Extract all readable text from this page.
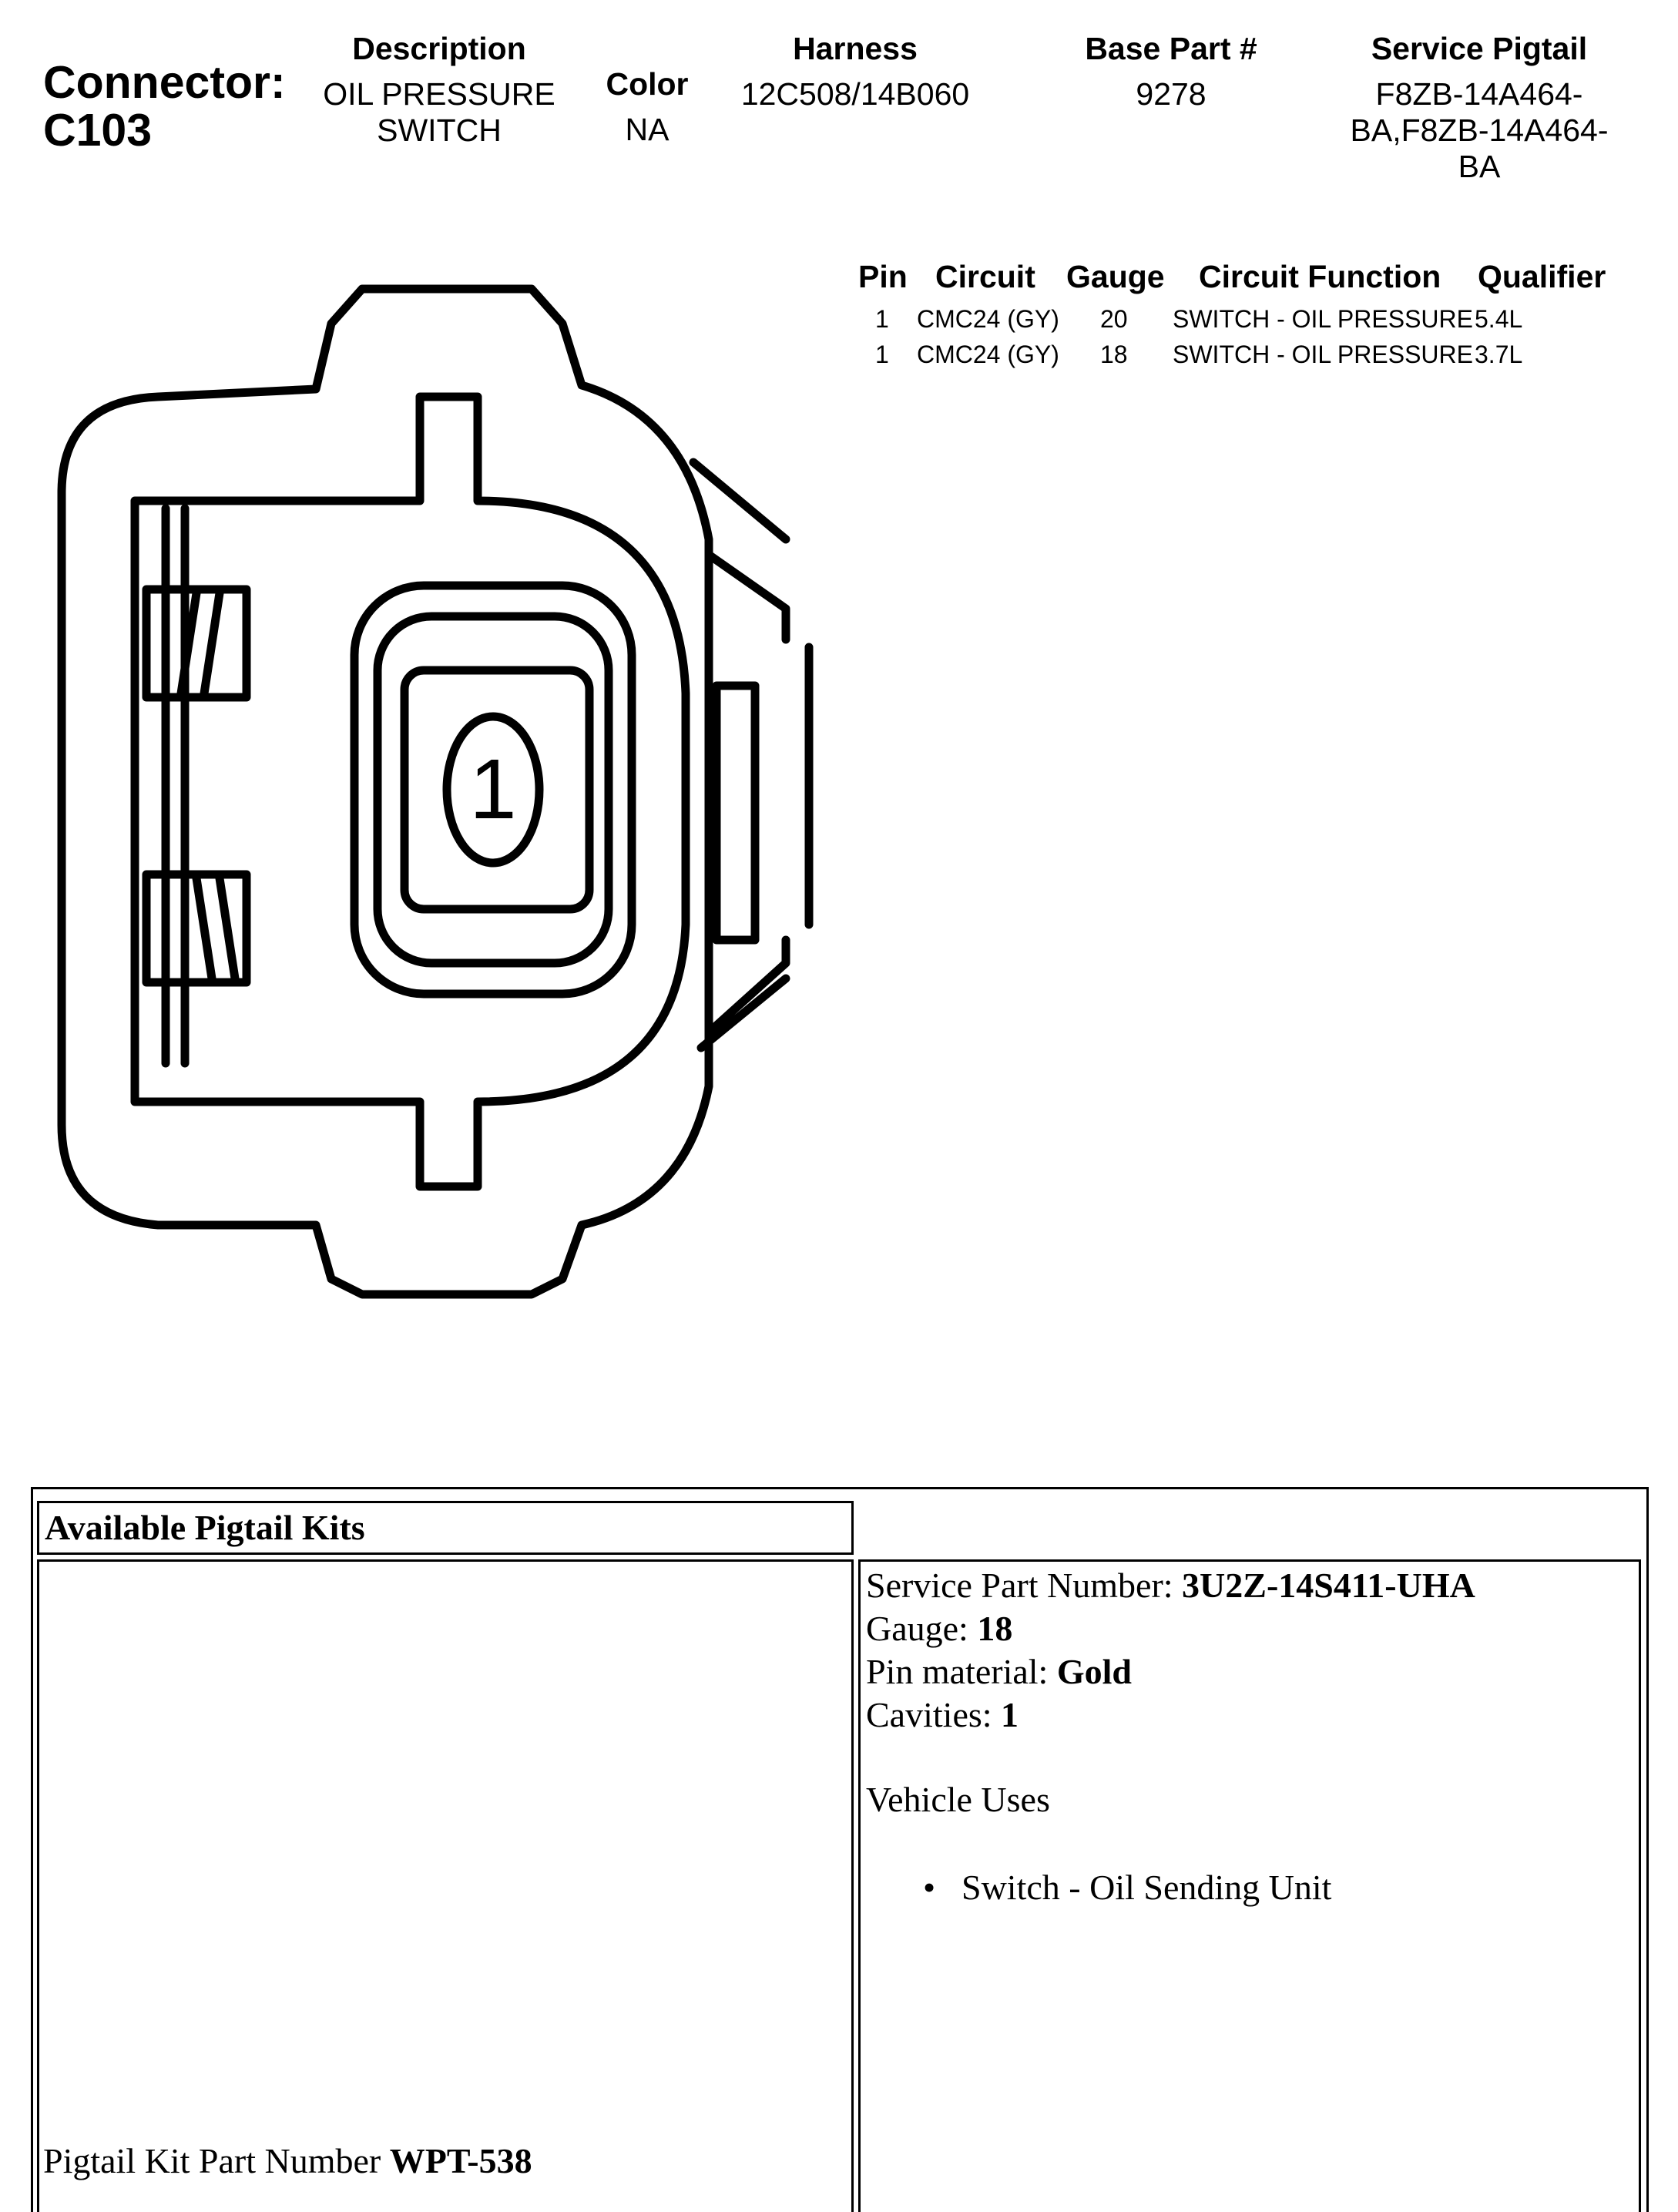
Connector:
C103
Description
OIL PRESSURE
SWITCH
Color
NA
Harness
12C508/14B060
Base Part #
9278
Service Pigtail
F8ZB-14A464-
BA,F8ZB-14A464-
BA
Pin Circuit Gauge Circuit Function Qualifier
1 CMC24 (GY) 20 SWITCH - OIL PRESSURE 5.4L
1 CMC24 (GY) 18 SWITCH - OIL PRESSURE 3.7L
1
Available Pigtail Kits
Service Part Number: 3U2Z-14S411-UHA
Gauge: 18
Pin material: Gold
Cavities: 1
Vehicle Uses
• Switch - Oil Sending Unit
Pigtail Kit Part Number WPT-538
